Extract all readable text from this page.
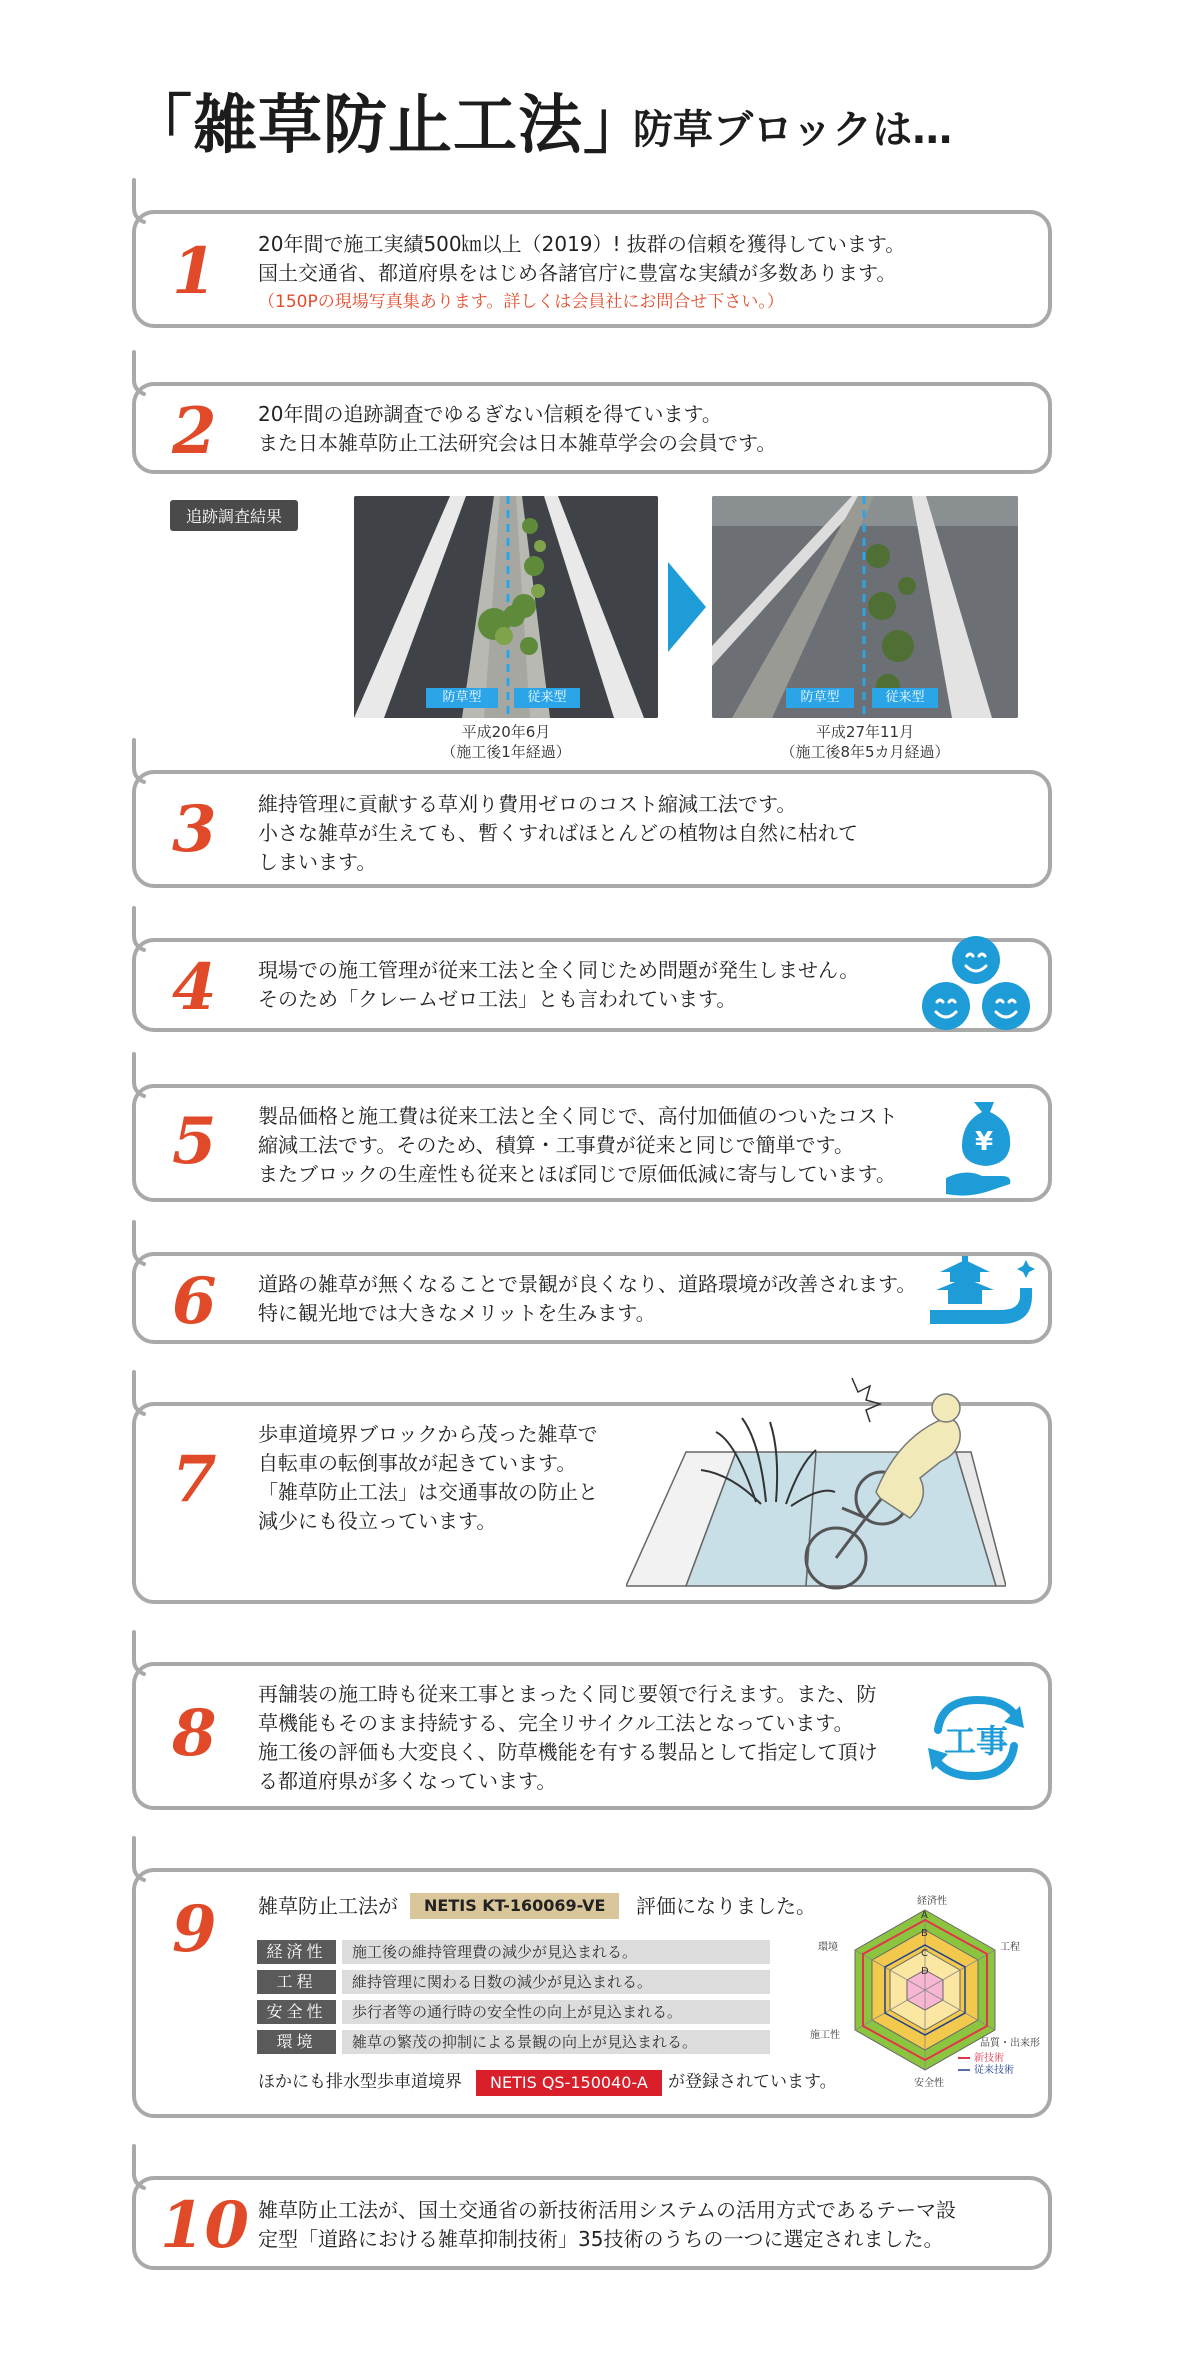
「雑草防止工法」
防草ブロックは…
1 20年間で施工実績500㎞以上（2019）! 抜群の信頼を獲得しています。
国土交通省、都道府県をはじめ各諸官庁に豊富な実績が多数あります。
（150Pの現場写真集あります。詳しくは会員社にお問合せ下さい。）
2 20年間の追跡調査でゆるぎない信頼を得ています。
また日本雑草防止工法研究会は日本雑草学会の会員です。
追跡調査結果
防草型	従来型
平成20年6月
（施工後1年経過）
防草型	従来型
平成27年11月
（施工後8年5カ月経過）
3 維持管理に貢献する草刈り費用ゼロのコスト縮減工法です。
小さな雑草が生えても、暫くすればほとんどの植物は自然に枯れて
しまいます。
4 現場での施工管理が従来工法と全く同じため問題が発生しません。
そのため「クレームゼロ工法」とも言われています。
5 製品価格と施工費は従来工法と全く同じで、高付加価値のついたコスト
縮減工法です。そのため、積算・工事費が従来と同じで簡単です。
またブロックの生産性も従来とほぼ同じで原価低減に寄与しています。
¥
6 道路の雑草が無くなることで景観が良くなり、道路環境が改善されます。
特に観光地では大きなメリットを生みます。
7
歩車道境界ブロックから茂った雑草で
自転車の転倒事故が起きています。
「雑草防止工法」は交通事故の防止と
減少にも役立っています。
8
再舗装の施工時も従来工事とまったく同じ要領で行えます。また、防
草機能もそのまま持続する、完全リサイクル工法となっています。
施工後の評価も大変良く、防草機能を有する製品として指定して頂け
る都道府県が多くなっています。
工事
9 雑草防止工法が	NETIS KT-160069-VE	評価になりました。
経済性	施工後の維持管理費の減少が見込まれる。
工程	維持管理に関わる日数の減少が見込まれる。
安全性	歩行者等の通行時の安全性の向上が見込まれる。
環境	雑草の繁茂の抑制による景観の向上が見込まれる。
ほかにも排水型歩車道境界	NETIS QS-150040-A	が登録されています。
経済性
工程
品質・出来形
安全性
施工性
環境
A
B
C
D
新技術
従来技術
10 雑草防止工法が、国土交通省の新技術活用システムの活用方式であるテーマ設
定型「道路における雑草抑制技術」35技術のうちの一つに選定されました。
